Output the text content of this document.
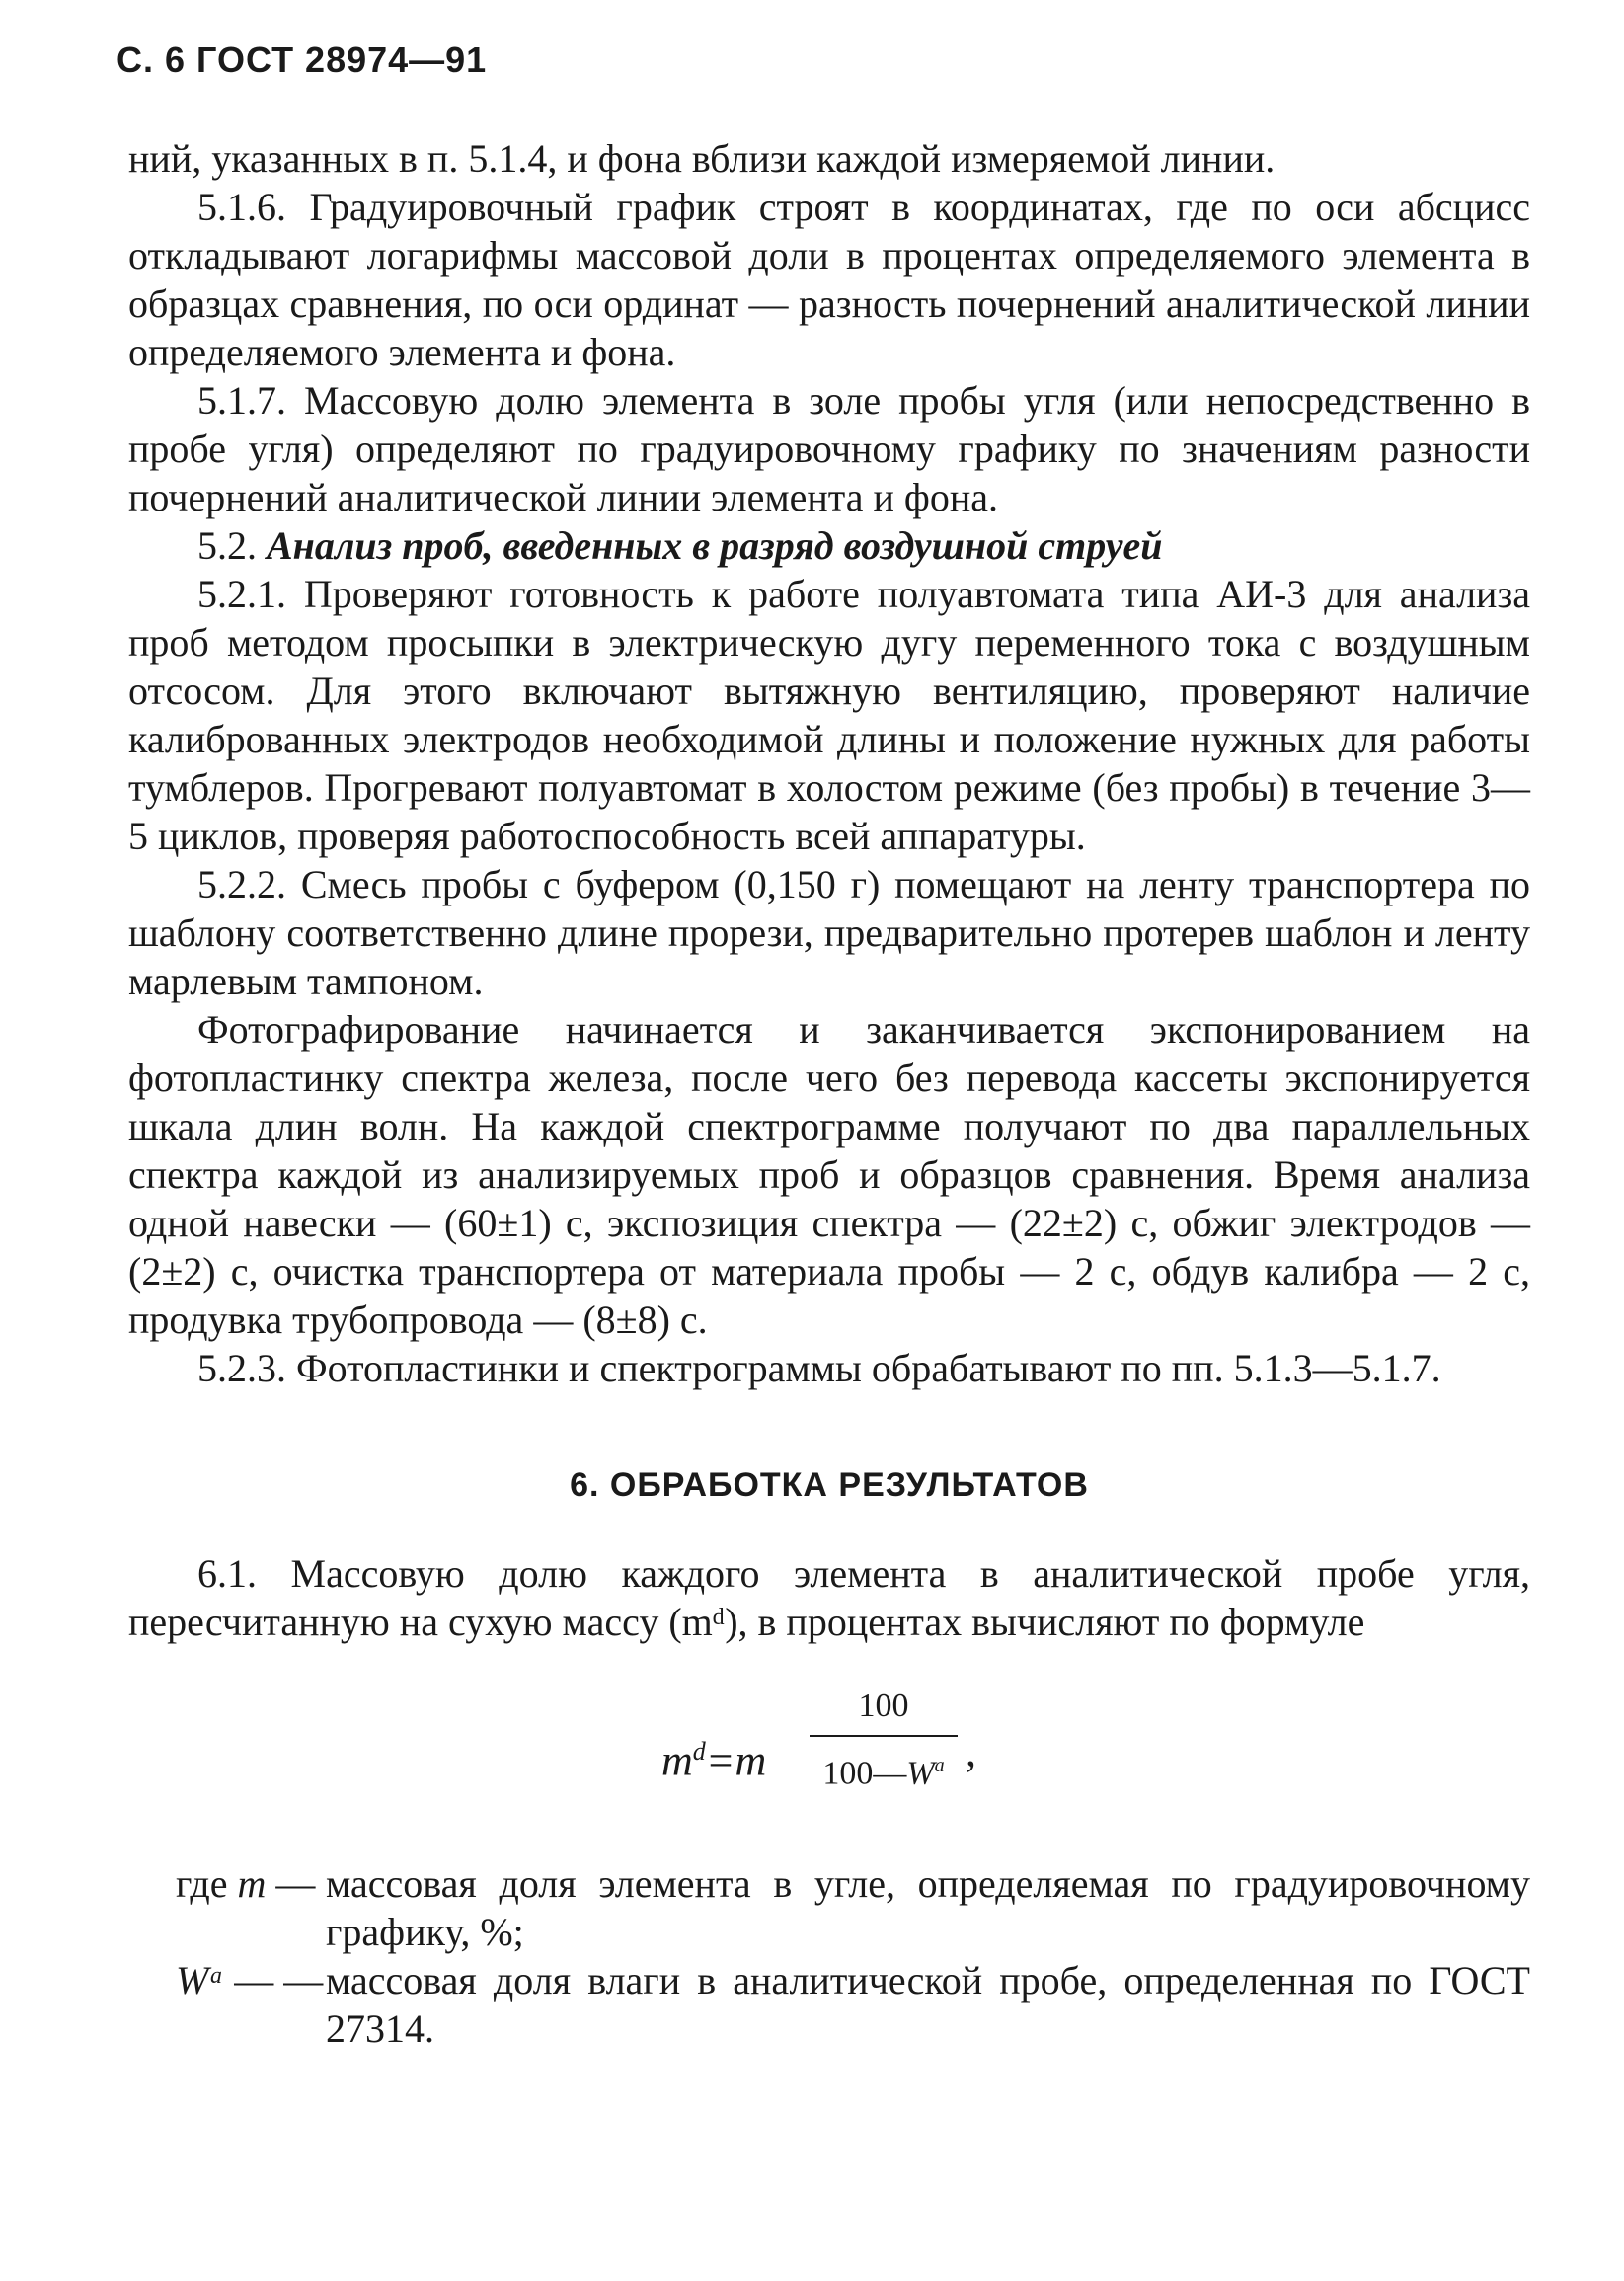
С. 6 ГОСТ 28974—91

ний, указанных в п. 5.1.4, и фона вблизи каждой измеряемой линии.

5.1.6. Градуировочный график строят в координатах, где по оси абсцисс откладывают логарифмы массовой доли в процентах определяемого элемента в образцах сравнения, по оси ординат — разность почернений аналитической линии определяемого элемента и фона.

5.1.7. Массовую долю элемента в золе пробы угля (или непосредственно в пробе угля) определяют по градуировочному графику по значениям разности почернений аналитической линии элемента и фона.

5.2. Анализ проб, введенных в разряд воздушной струей

5.2.1. Проверяют готовность к работе полуавтомата типа АИ-3 для анализа проб методом просыпки в электрическую дугу переменного тока с воздушным отсосом. Для этого включают вытяжную вентиляцию, проверяют наличие калиброванных электродов необходимой длины и положение нужных для работы тумблеров. Прогревают полуавтомат в холостом режиме (без пробы) в течение 3—5 циклов, проверяя работоспособность всей аппаратуры.

5.2.2. Смесь пробы с буфером (0,150 г) помещают на ленту транспортера по шаблону соответственно длине прорези, предварительно протерев шаблон и ленту марлевым тампоном.

Фотографирование начинается и заканчивается экспонированием на фотопластинку спектра железа, после чего без перевода кассеты экспонируется шкала длин волн. На каждой спектрограмме получают по два параллельных спектра каждой из анализируемых проб и образцов сравнения. Время анализа одной навески — (60±1) с, экспозиция спектра — (22±2) с, обжиг электродов — (2±2) с, очистка транспортера от материала пробы — 2 с, обдув калибра — 2 с, продувка трубопровода — (8±8) с.

5.2.3. Фотопластинки и спектрограммы обрабатывают по пп. 5.1.3—5.1.7.

6. ОБРАБОТКА РЕЗУЛЬТАТОВ

6.1. Массовую долю каждого элемента в аналитической пробе угля, пересчитанную на сухую массу (mᵈ), в процентах вычисляют по формуле

$m^d=m$
100
$100—W^a$ ,
где m — массовая доля элемента в угле, определяемая по градуировочному графику, %;
Wᵃ — — массовая доля влаги в аналитической пробе, определенная по ГОСТ 27314.
